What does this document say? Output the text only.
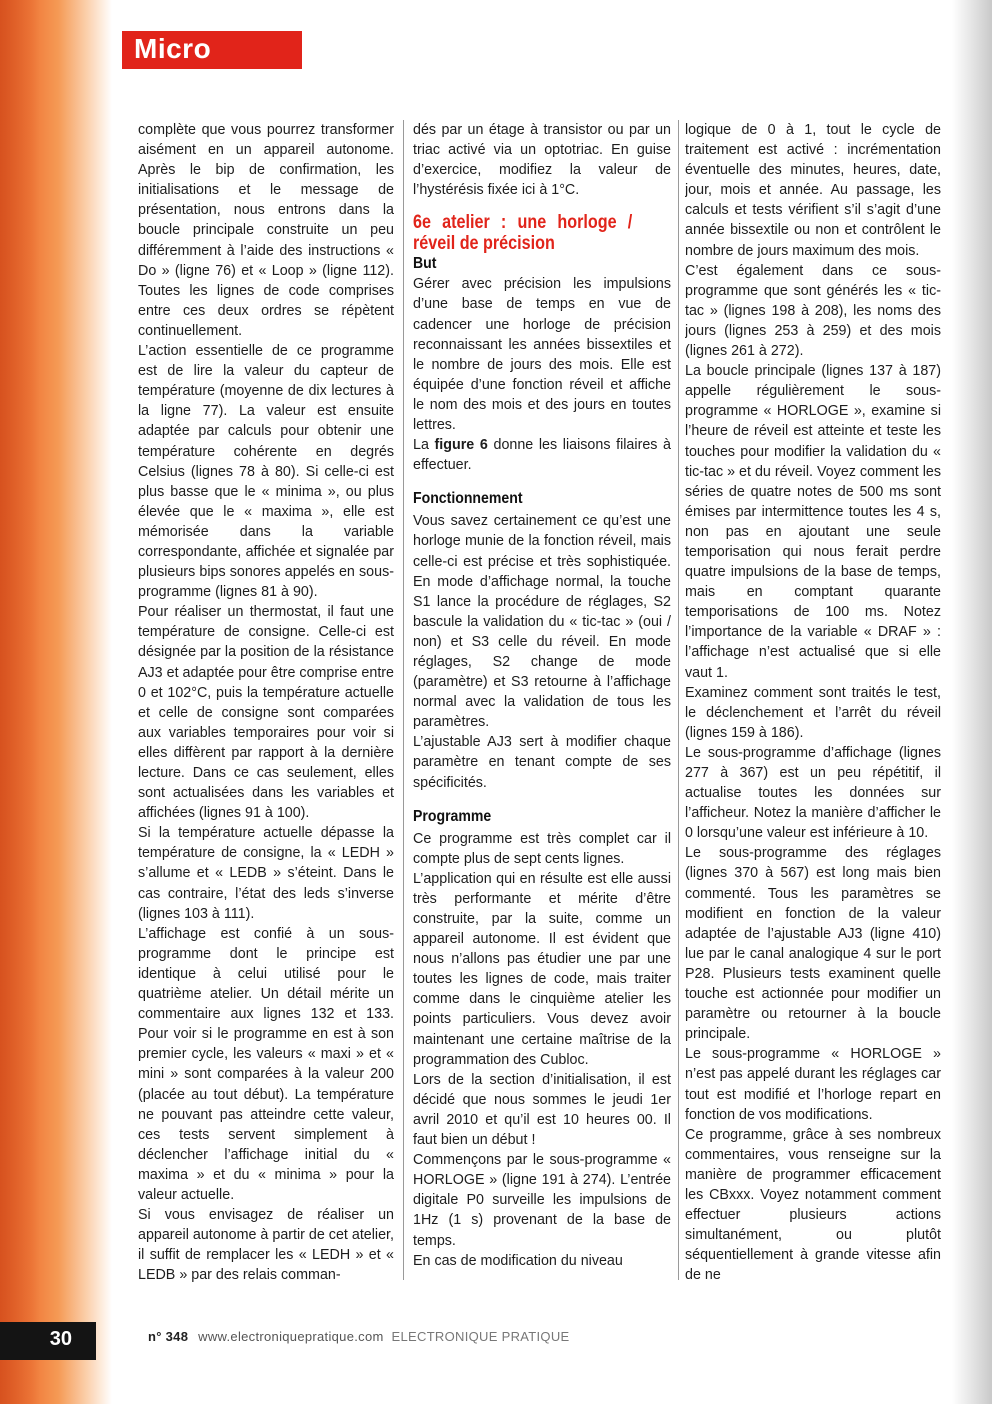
Micro

complète que vous pourrez transformer aisément en un appareil autonome. Après le bip de confirmation, les initialisations et le message de présentation, nous entrons dans la boucle principale construite un peu différemment à l’aide des instructions « Do » (ligne 76) et « Loop » (ligne 112). Toutes les lignes de code comprises entre ces deux ordres se répètent continuellement.

L’action essentielle de ce programme est de lire la valeur du capteur de température (moyenne de dix lectures à la ligne 77). La valeur est ensuite adaptée par calculs pour obtenir une température cohérente en degrés Celsius (lignes 78 à 80). Si celle-ci est plus basse que le « minima », ou plus élevée que le « maxima », elle est mémorisée dans la variable correspondante, affichée et signalée par plusieurs bips sonores appelés en sous-programme (lignes 81 à 90).

Pour réaliser un thermostat, il faut une température de consigne. Celle-ci est désignée par la position de la résistance AJ3 et adaptée pour être comprise entre 0 et 102°C, puis la température actuelle et celle de consigne sont comparées aux variables temporaires pour voir si elles diffèrent par rapport à la dernière lecture. Dans ce cas seulement, elles sont actualisées dans les variables et affichées (lignes 91 à 100).

Si la température actuelle dépasse la température de consigne, la « LEDH » s’allume et « LEDB » s’éteint. Dans le cas contraire, l’état des leds s’inverse (lignes 103 à 111).

L’affichage est confié à un sous-programme dont le principe est identique à celui utilisé pour le quatrième atelier. Un détail mérite un commentaire aux lignes 132 et 133. Pour voir si le programme en est à son premier cycle, les valeurs « maxi » et « mini » sont comparées à la valeur 200 (placée au tout début). La température ne pouvant pas atteindre cette valeur, ces tests servent simplement à déclencher l’affichage initial du « maxima » et du « minima » pour la valeur actuelle.

Si vous envisagez de réaliser un appareil autonome à partir de cet atelier, il suffit de remplacer les « LEDH » et « LEDB » par des relais comman-

dés par un étage à transistor ou par un triac activé via un optotriac. En guise d’exercice, modifiez la valeur de l’hystérésis fixée ici à 1°C.

6e atelier : une horloge / réveil de précision
But

Gérer avec précision les impulsions d’une base de temps en vue de cadencer une horloge de précision reconnaissant les années bissextiles et le nombre de jours des mois. Elle est équipée d’une fonction réveil et affiche le nom des mois et des jours en toutes lettres.

La figure 6 donne les liaisons filaires à effectuer.

Fonctionnement

Vous savez certainement ce qu’est une horloge munie de la fonction réveil, mais celle-ci est précise et très sophistiquée. En mode d’affichage normal, la touche S1 lance la procédure de réglages, S2 bascule la validation du « tic-tac » (oui / non) et S3 celle du réveil. En mode réglages, S2 change de mode (paramètre) et S3 retourne à l’affichage normal avec la validation de tous les paramètres.

L’ajustable AJ3 sert à modifier chaque paramètre en tenant compte de ses spécificités.

Programme

Ce programme est très complet car il compte plus de sept cents lignes.

L’application qui en résulte est elle aussi très performante et mérite d’être construite, par la suite, comme un appareil autonome. Il est évident que nous n’allons pas étudier une par une toutes les lignes de code, mais traiter comme dans le cinquième atelier les points particuliers. Vous devez avoir maintenant une certaine maîtrise de la programmation des Cubloc.

Lors de la section d’initialisation, il est décidé que nous sommes le jeudi 1er avril 2010 et qu’il est 10 heures 00. Il faut bien un début !

Commençons par le sous-programme « HORLOGE » (ligne 191 à 274). L’entrée digitale P0 surveille les impulsions de 1Hz (1 s) provenant de la base de temps.

En cas de modification du niveau

logique de 0 à 1, tout le cycle de traitement est activé : incrémentation éventuelle des minutes, heures, date, jour, mois et année. Au passage, les calculs et tests vérifient s’il s’agit d’une année bissextile ou non et contrôlent le nombre de jours maximum des mois.

C’est également dans ce sous-programme que sont générés les « tic-tac » (lignes 198 à 208), les noms des jours (lignes 253 à 259) et des mois (lignes 261 à 272).

La boucle principale (lignes 137 à 187) appelle régulièrement le sous-programme « HORLOGE », examine si l’heure de réveil est atteinte et teste les touches pour modifier la validation du « tic-tac » et du réveil. Voyez comment les séries de quatre notes de 500 ms sont émises par intermittence toutes les 4 s, non pas en ajoutant une seule temporisation qui nous ferait perdre quatre impulsions de la base de temps, mais en comptant quarante temporisations de 100 ms. Notez l’importance de la variable « DRAF » : l’affichage n’est actualisé que si elle vaut 1.

Examinez comment sont traités le test, le déclenchement et l’arrêt du réveil (lignes 159 à 186).

Le sous-programme d’affichage (lignes 277 à 367) est un peu répétitif, il actualise toutes les données sur l’afficheur. Notez la manière d’afficher le 0 lorsqu’une valeur est inférieure à 10.

Le sous-programme des réglages (lignes 370 à 567) est long mais bien commenté. Tous les paramètres se modifient en fonction de la valeur adaptée de l’ajustable AJ3 (ligne 410) lue par le canal analogique 4 sur le port P28. Plusieurs tests examinent quelle touche est actionnée pour modifier un paramètre ou retourner à la boucle principale.

Le sous-programme « HORLOGE » n’est pas appelé durant les réglages car tout est modifié et l’horloge repart en fonction de vos modifications.

Ce programme, grâce à ses nombreux commentaires, vous renseigne sur la manière de programmer efficacement les CBxxx. Voyez notamment comment effectuer plusieurs actions simultanément, ou plutôt séquentiellement à grande vitesse afin de ne

30	n° 348 www.electroniquepratique.com ELECTRONIQUE PRATIQUE
